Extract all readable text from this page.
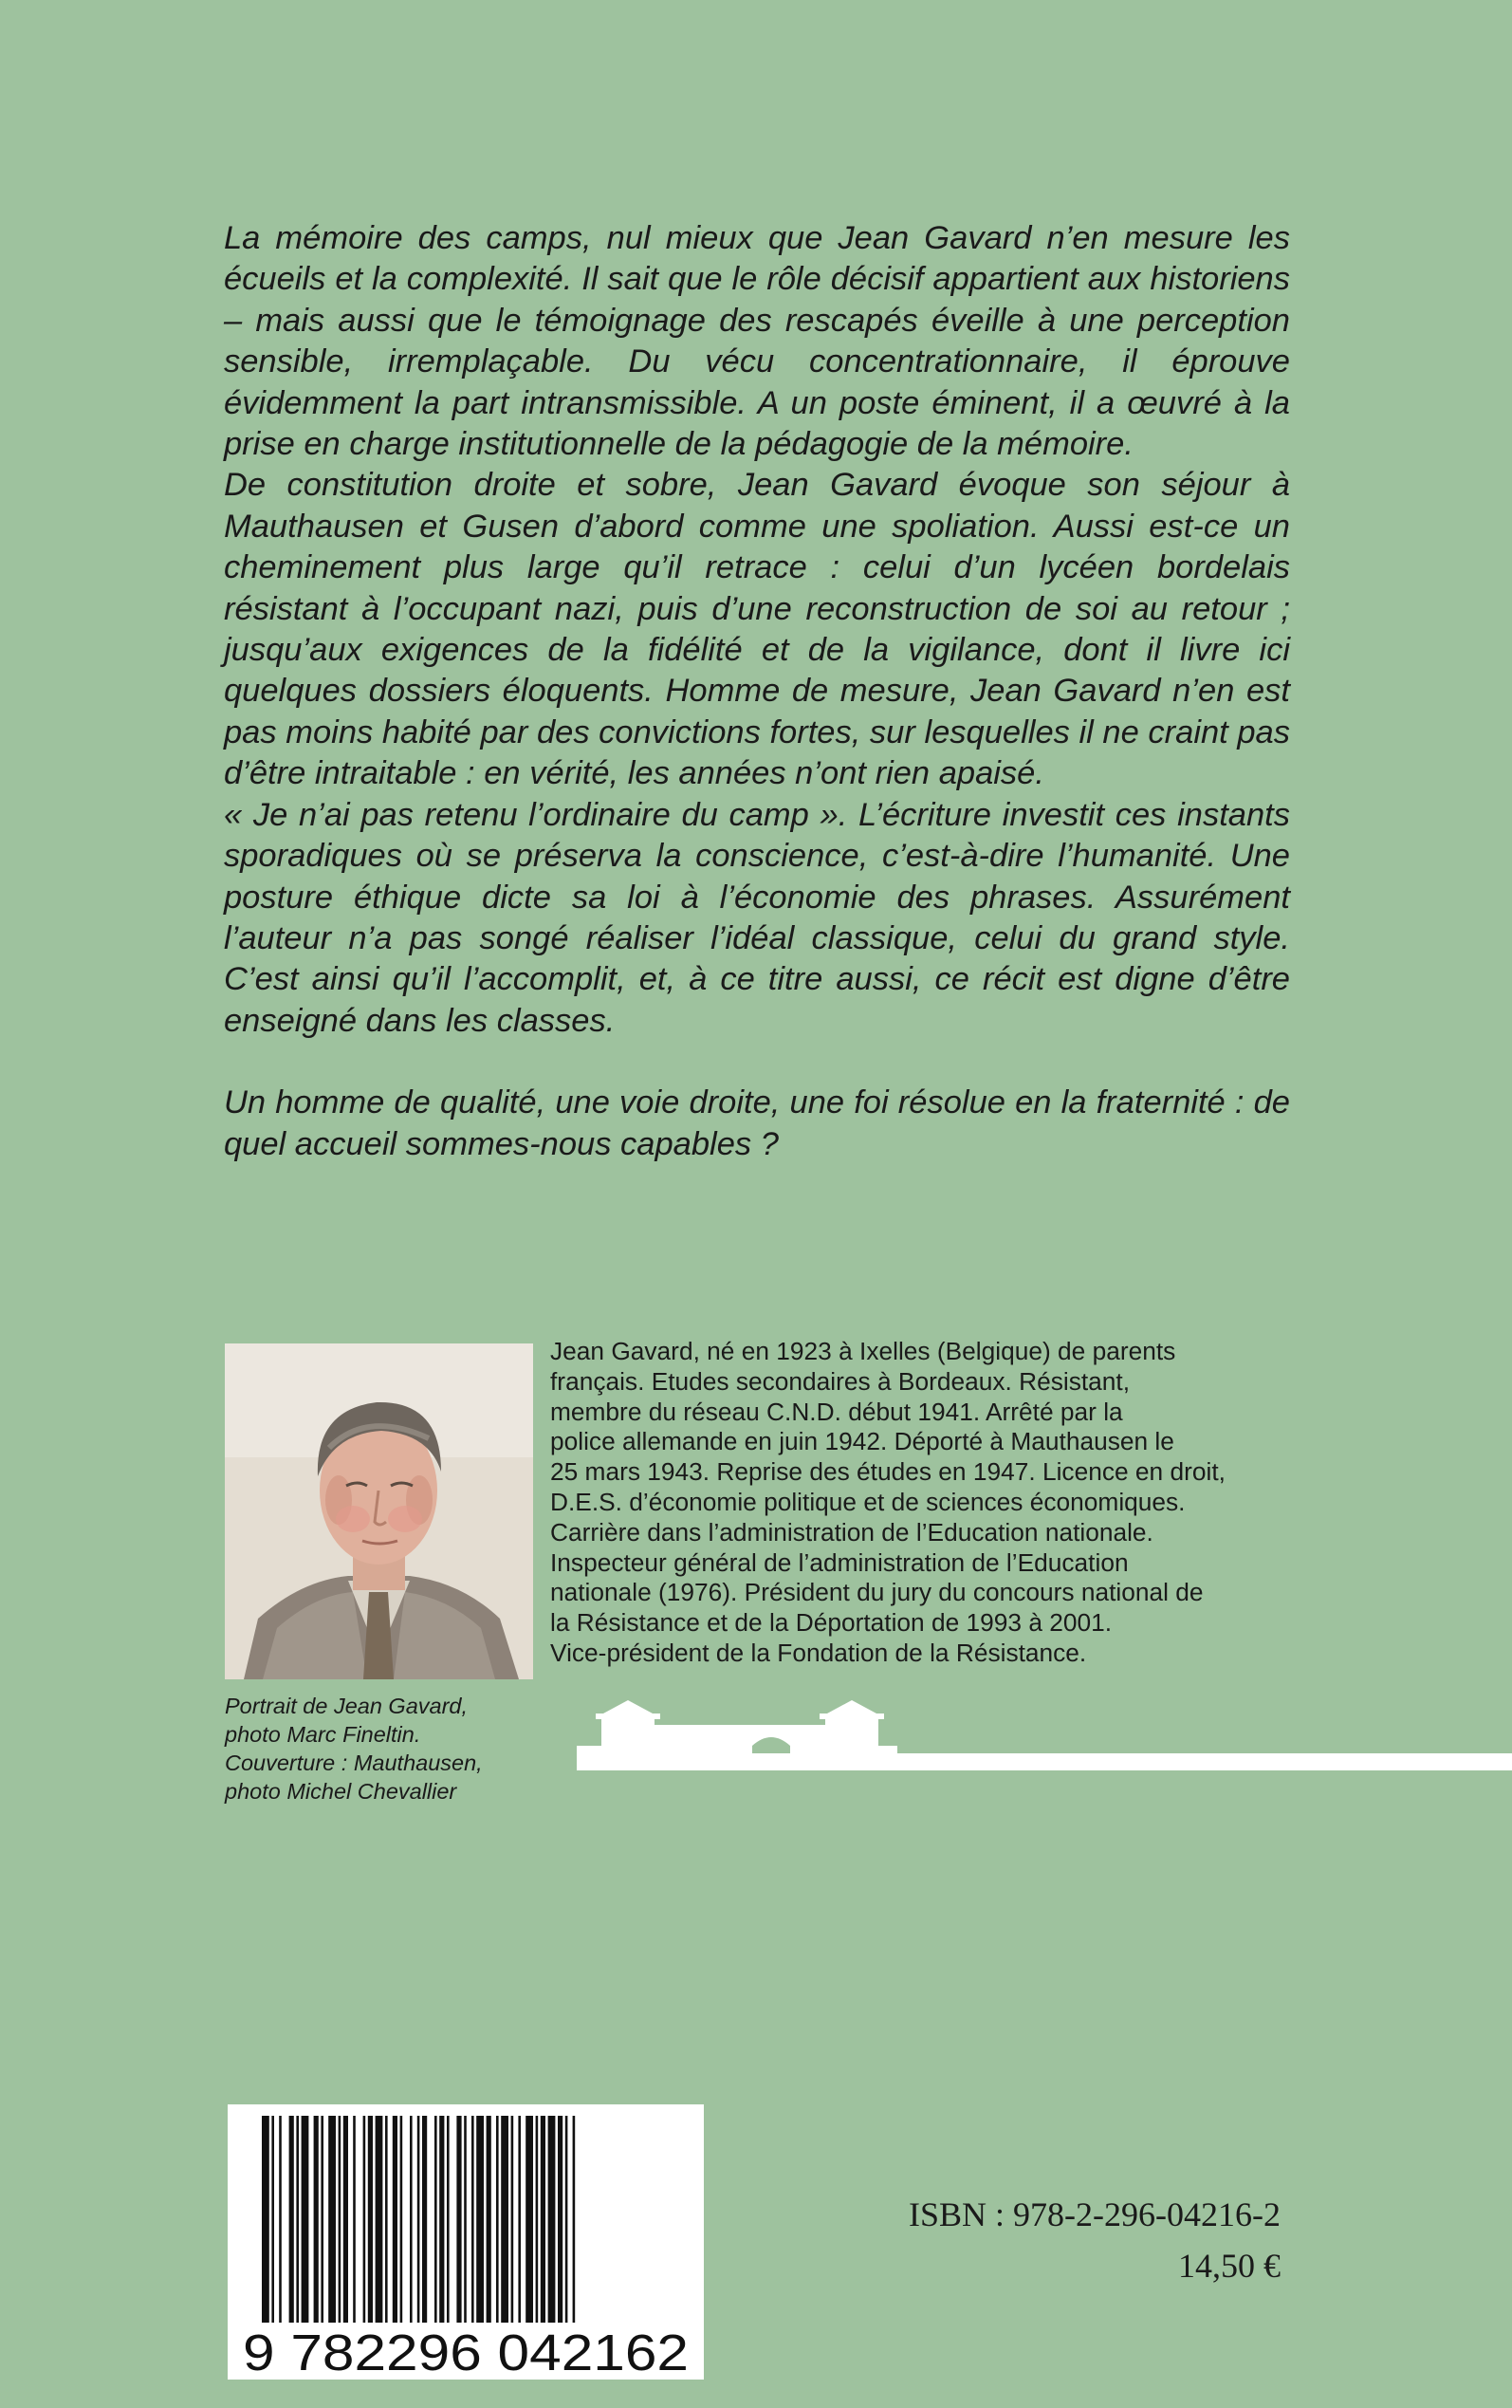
La mémoire des camps, nul mieux que Jean Gavard n’en mesure les écueils et la complexité. Il sait que le rôle décisif appartient aux historiens – mais aussi que le témoignage des rescapés éveille à une perception sensible, irremplaçable. Du vécu concentrationnaire, il éprouve évidemment la part intransmissible. A un poste éminent, il a œuvré à la prise en charge institutionnelle de la pédagogie de la mémoire.

De constitution droite et sobre, Jean Gavard évoque son séjour à Mauthausen et Gusen d’abord comme une spoliation. Aussi est-ce un cheminement plus large qu’il retrace : celui d’un lycéen bordelais résistant à l’occupant nazi, puis d’une reconstruction de soi au retour ; jusqu’aux exigences de la fidélité et de la vigilance, dont il livre ici quelques dossiers éloquents. Homme de mesure, Jean Gavard n’en est pas moins habité par des convictions fortes, sur lesquelles il ne craint pas d’être intraitable : en vérité, les années n’ont rien apaisé.

« Je n’ai pas retenu l’ordinaire du camp ». L’écriture investit ces instants sporadiques où se préserva la conscience, c’est-à-dire l’humanité. Une posture éthique dicte sa loi à l’économie des phrases. Assurément l’auteur n’a pas songé réaliser l’idéal classique, celui du grand style. C’est ainsi qu’il l’accomplit, et, à ce titre aussi, ce récit est digne d’être enseigné dans les classes.

Un homme de qualité, une voie droite, une foi résolue en la fraternité : de quel accueil sommes-nous capables ?

Portrait de Jean Gavard,
photo Marc Fineltin.
Couverture : Mauthausen,
photo Michel Chevallier
Jean Gavard, né en 1923 à Ixelles (Belgique) de parents
français. Etudes secondaires à Bordeaux. Résistant,
membre du réseau C.N.D. début 1941. Arrêté par la
police allemande en juin 1942. Déporté à Mauthausen le
25 mars 1943. Reprise des études en 1947. Licence en droit,
D.E.S. d’économie politique et de sciences économiques.
Carrière dans l’administration de l’Education nationale.
Inspecteur général de l’administration de l’Education
nationale (1976). Président du jury du concours national de
la Résistance et de la Déportation de 1993 à 2001.
Vice-président de la Fondation de la Résistance.
9 782296 042162
ISBN : 978-2-296-04216-2
14,50 €
